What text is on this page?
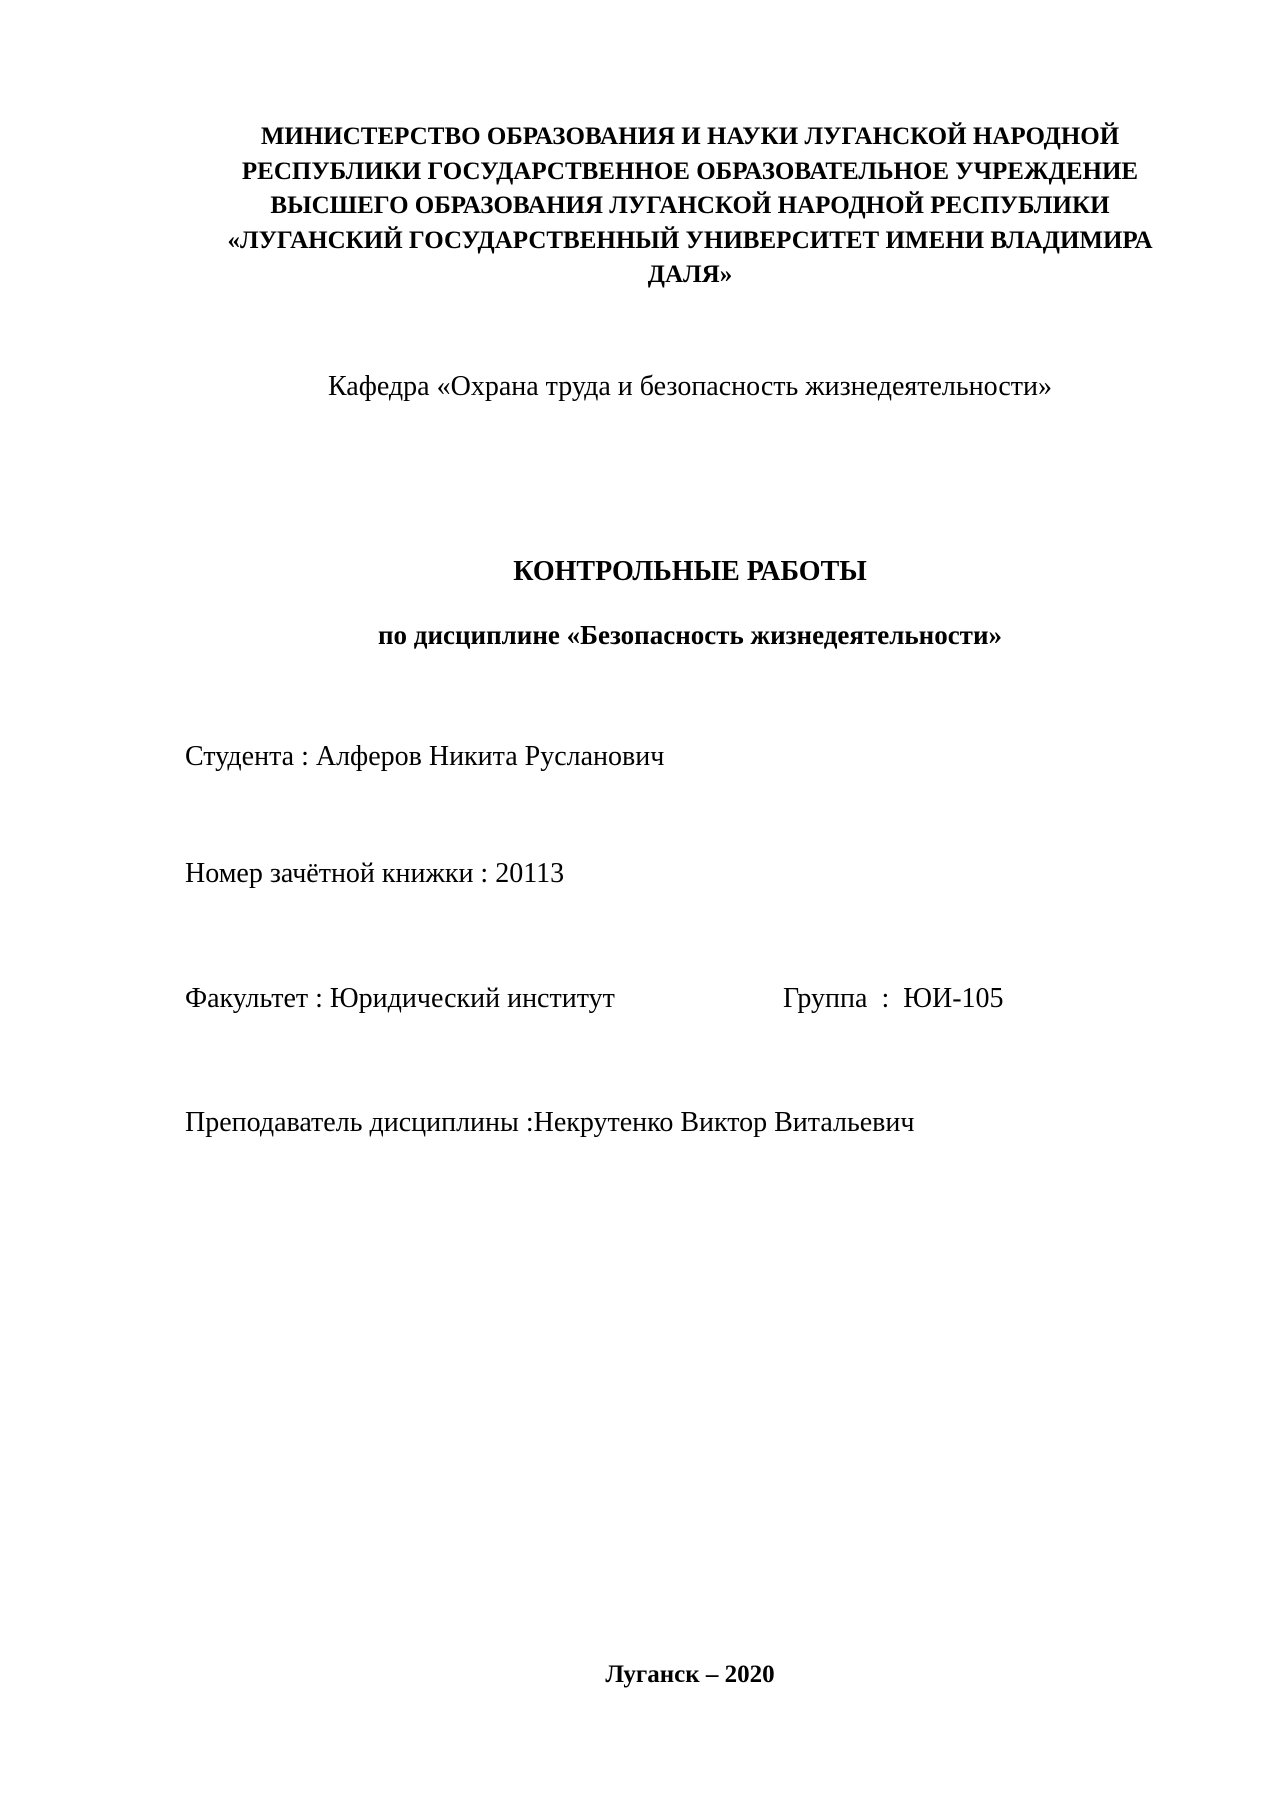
МИНИСТЕРСТВО ОБРАЗОВАНИЯ И НАУКИ ЛУГАНСКОЙ НАРОДНОЙ
РЕСПУБЛИКИ ГОСУДАРСТВЕННОЕ ОБРАЗОВАТЕЛЬНОЕ УЧРЕЖДЕНИЕ
ВЫСШЕГО ОБРАЗОВАНИЯ ЛУГАНСКОЙ НАРОДНОЙ РЕСПУБЛИКИ
«ЛУГАНСКИЙ ГОСУДАРСТВЕННЫЙ УНИВЕРСИТЕТ ИМЕНИ ВЛАДИМИРА
ДАЛЯ»

Кафедра «Охрана труда и безопасность жизнедеятельности»

КОНТРОЛЬНЫЕ РАБОТЫ

по дисциплине «Безопасность жизнедеятельности»

Студента : Алферов Никита Русланович

Номер зачётной книжки : 20113

Факультет : Юридический институт	Группа  :  ЮИ-105

Преподаватель дисциплины :Некрутенко Виктор Витальевич

Луганск – 2020
